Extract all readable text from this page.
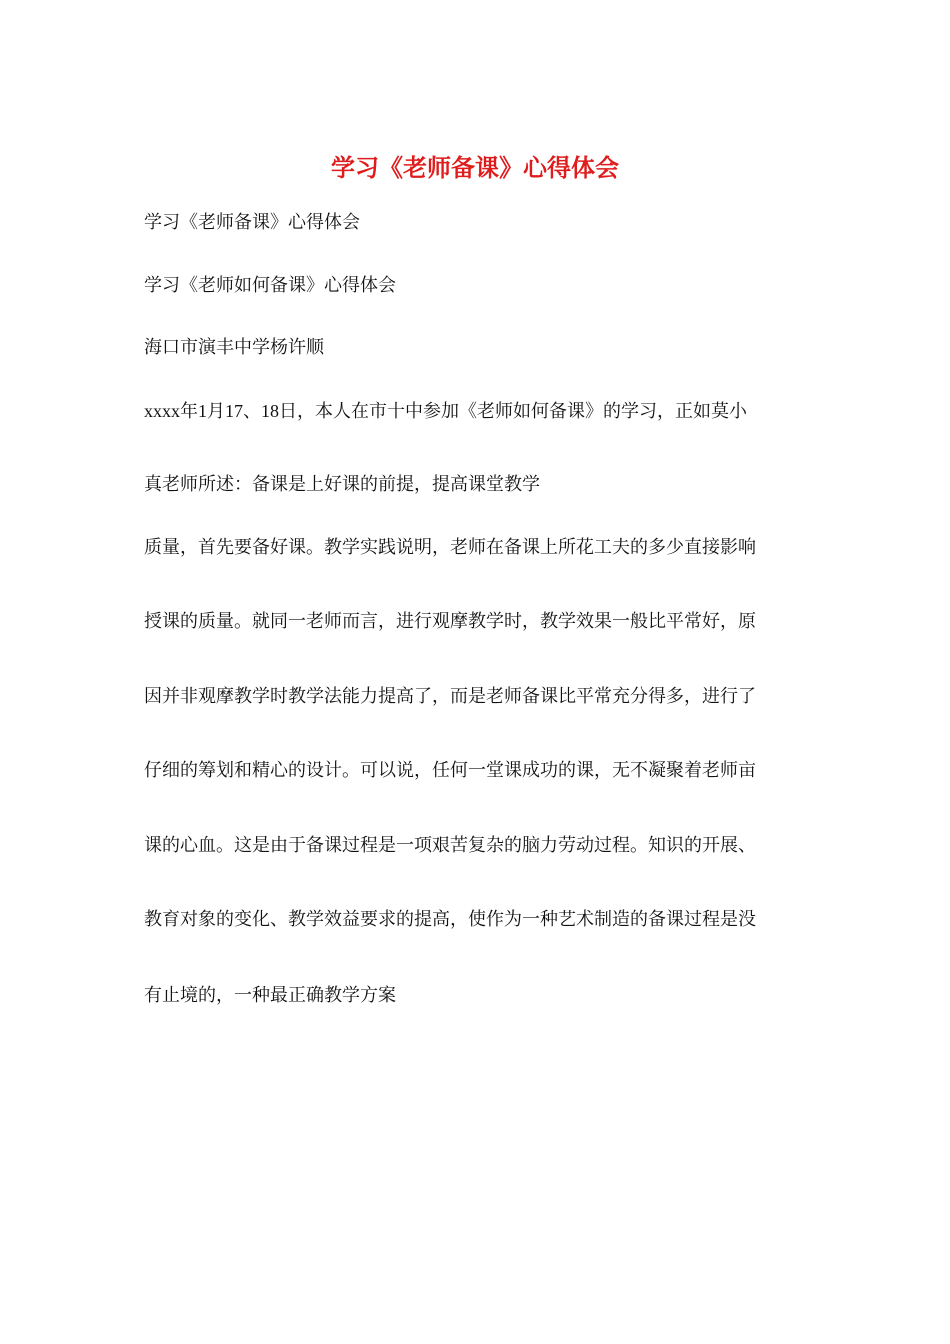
学习《老师备课》心得体会
学习《老师备课》心得体会
学习《老师如何备课》心得体会
海口市演丰中学杨许顺
xxxx年1月17、18日，本人在市十中参加《老师如何备课》的学习，正如莫小
真老师所述：备课是上好课的前提，提高课堂教学
质量，首先要备好课。教学实践说明，老师在备课上所花工夫的多少直接影响
授课的质量。就同一老师而言，进行观摩教学时，教学效果一般比平常好，原
因并非观摩教学时教学法能力提高了，而是老师备课比平常充分得多，进行了
仔细的筹划和精心的设计。可以说，任何一堂课成功的课，无不凝聚着老师亩
课的心血。这是由于备课过程是一项艰苦复杂的脑力劳动过程。知识的开展、
教育对象的变化、教学效益要求的提高，使作为一种艺术制造的备课过程是没
有止境的，一种最正确教学方案
